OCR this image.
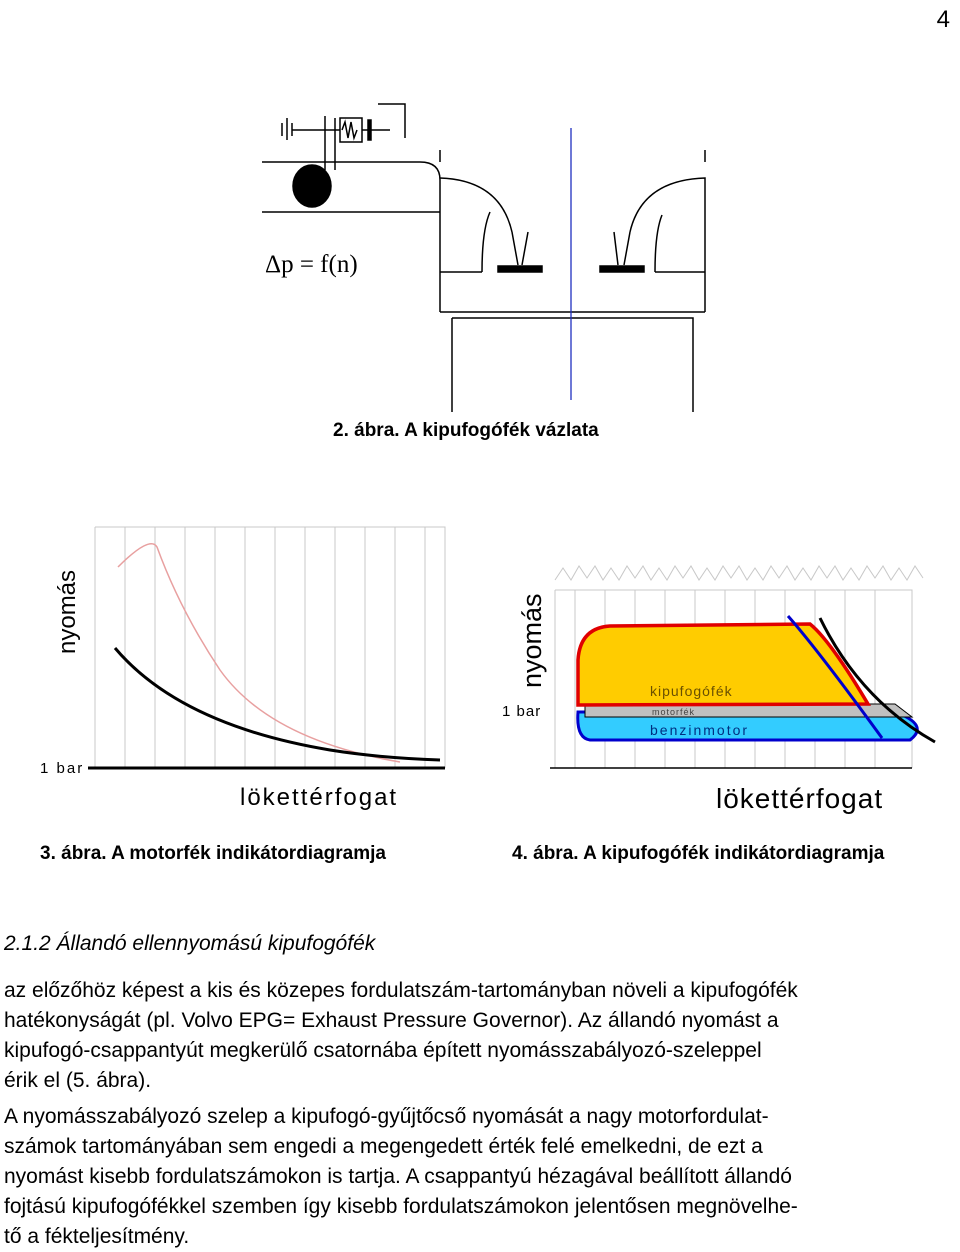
4
Δp = f(n)
2. ábra. A kipufogófék vázlata
nyomás
1 bar
lökettérfogat
3. ábra. A motorfék indikátordiagramja
nyomás
1 bar
kipufogófék
motorfék
benzinmotor
lökettérfogat
4. ábra. A kipufogófék indikátordiagramja
2.1.2 Állandó ellennyomású kipufogófék

az előzőhöz képest a kis és közepes fordulatszám-tartományban növeli a kipufogófék
hatékonyságát (pl. Volvo EPG= Exhaust Pressure Governor). Az állandó nyomást a
kipufogó-csappantyút megkerülő csatornába épített nyomásszabályozó-szeleppel
érik el (5. ábra).

A nyomásszabályozó szelep a kipufogó-gyűjtőcső nyomását a nagy motorfordulat-
számok tartományában sem engedi a megengedett érték felé emelkedni, de ezt a
nyomást kisebb fordulatszámokon is tartja. A csappantyú hézagával beállított állandó
fojtású kipufogófékkel szemben így kisebb fordulatszámokon jelentősen megnövelhe-
tő a fékteljesítmény.
